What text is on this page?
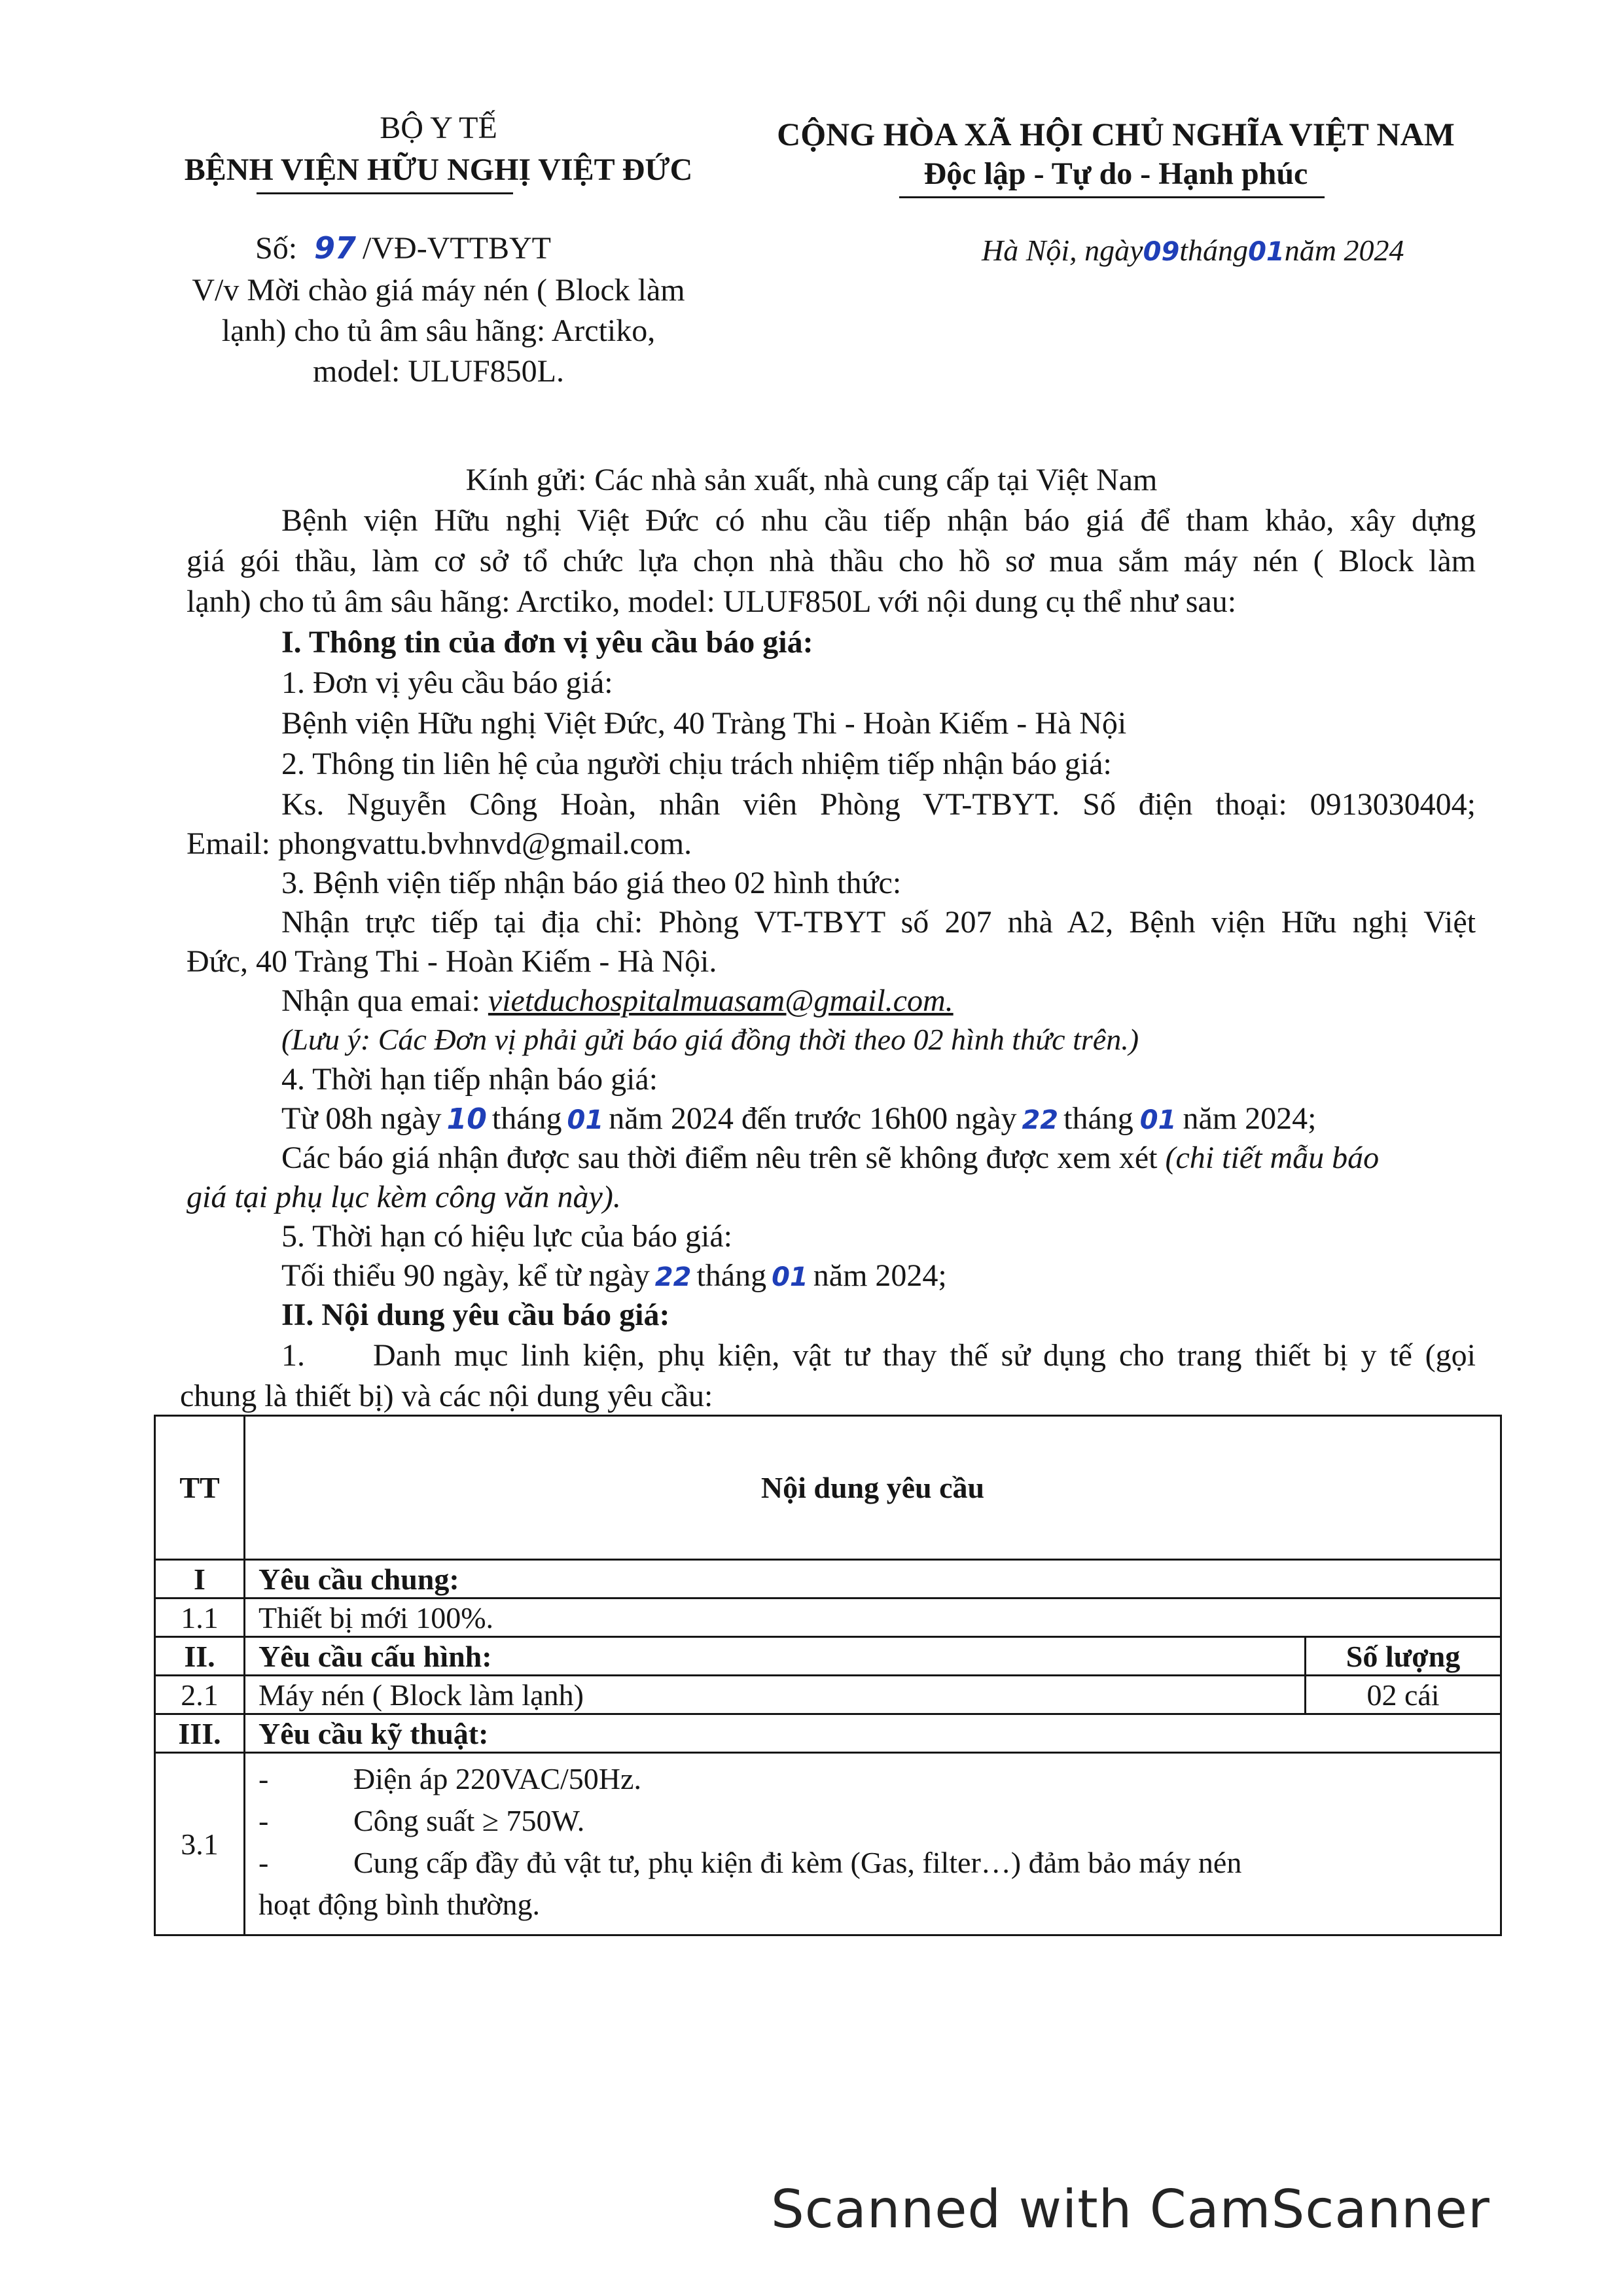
BỘ Y TẾ
BỆNH VIỆN HỮU NGHỊ VIỆT ĐỨC
CỘNG HÒA XÃ HỘI CHỦ NGHĨA VIỆT NAM
Độc lập - Tự do - Hạnh phúc
Số: 97 /VĐ-VTTBYT	Hà Nội, ngày09tháng01năm 2024
V/v Mời chào giá máy nén ( Block làm
lạnh) cho tủ âm sâu hãng: Arctiko,
model: ULUF850L.
Kính gửi: Các nhà sản xuất, nhà cung cấp tại Việt Nam
Bệnh viện Hữu nghị Việt Đức có nhu cầu tiếp nhận báo giá để tham khảo, xây dựng
giá gói thầu, làm cơ sở tổ chức lựa chọn nhà thầu cho hồ sơ mua sắm máy nén ( Block làm
lạnh) cho tủ âm sâu hãng: Arctiko, model: ULUF850L với nội dung cụ thể như sau:
I. Thông tin của đơn vị yêu cầu báo giá:
1. Đơn vị yêu cầu báo giá:
Bệnh viện Hữu nghị Việt Đức, 40 Tràng Thi - Hoàn Kiếm - Hà Nội
2. Thông tin liên hệ của người chịu trách nhiệm tiếp nhận báo giá:
Ks. Nguyễn Công Hoàn, nhân viên Phòng VT-TBYT. Số điện thoại: 0913030404;
Email: phongvattu.bvhnvd@gmail.com.
3. Bệnh viện tiếp nhận báo giá theo 02 hình thức:
Nhận trực tiếp tại địa chỉ: Phòng VT-TBYT số 207 nhà A2, Bệnh viện Hữu nghị Việt
Đức, 40 Tràng Thi - Hoàn Kiếm - Hà Nội.
Nhận qua emai: vietduchospitalmuasam@gmail.com.
(Lưu ý: Các Đơn vị phải gửi báo giá đồng thời theo 02 hình thức trên.)
4. Thời hạn tiếp nhận báo giá:
Từ 08h ngày 10 tháng 01 năm 2024 đến trước 16h00 ngày 22 tháng 01 năm 2024;
Các báo giá nhận được sau thời điểm nêu trên sẽ không được xem xét (chi tiết mẫu báo
giá tại phụ lục kèm công văn này).
5. Thời hạn có hiệu lực của báo giá:
Tối thiểu 90 ngày, kể từ ngày 22 tháng 01 năm 2024;
II. Nội dung yêu cầu báo giá:
1. Danh mục linh kiện, phụ kiện, vật tư thay thế sử dụng cho trang thiết bị y tế (gọi
chung là thiết bị) và các nội dung yêu cầu:
TT	Nội dung yêu cầu
I	Yêu cầu chung:
1.1	Thiết bị mới 100%.
II.	Yêu cầu cấu hình:	Số lượng
2.1	Máy nén ( Block làm lạnh)	02 cái
III.	Yêu cầu kỹ thuật:
3.1
-	Điện áp 220VAC/50Hz.
-	Công suất ≥ 750W.
-	Cung cấp đầy đủ vật tư, phụ kiện đi kèm (Gas, filter…) đảm bảo máy nén
hoạt động bình thường.
Scanned with CamScanner
